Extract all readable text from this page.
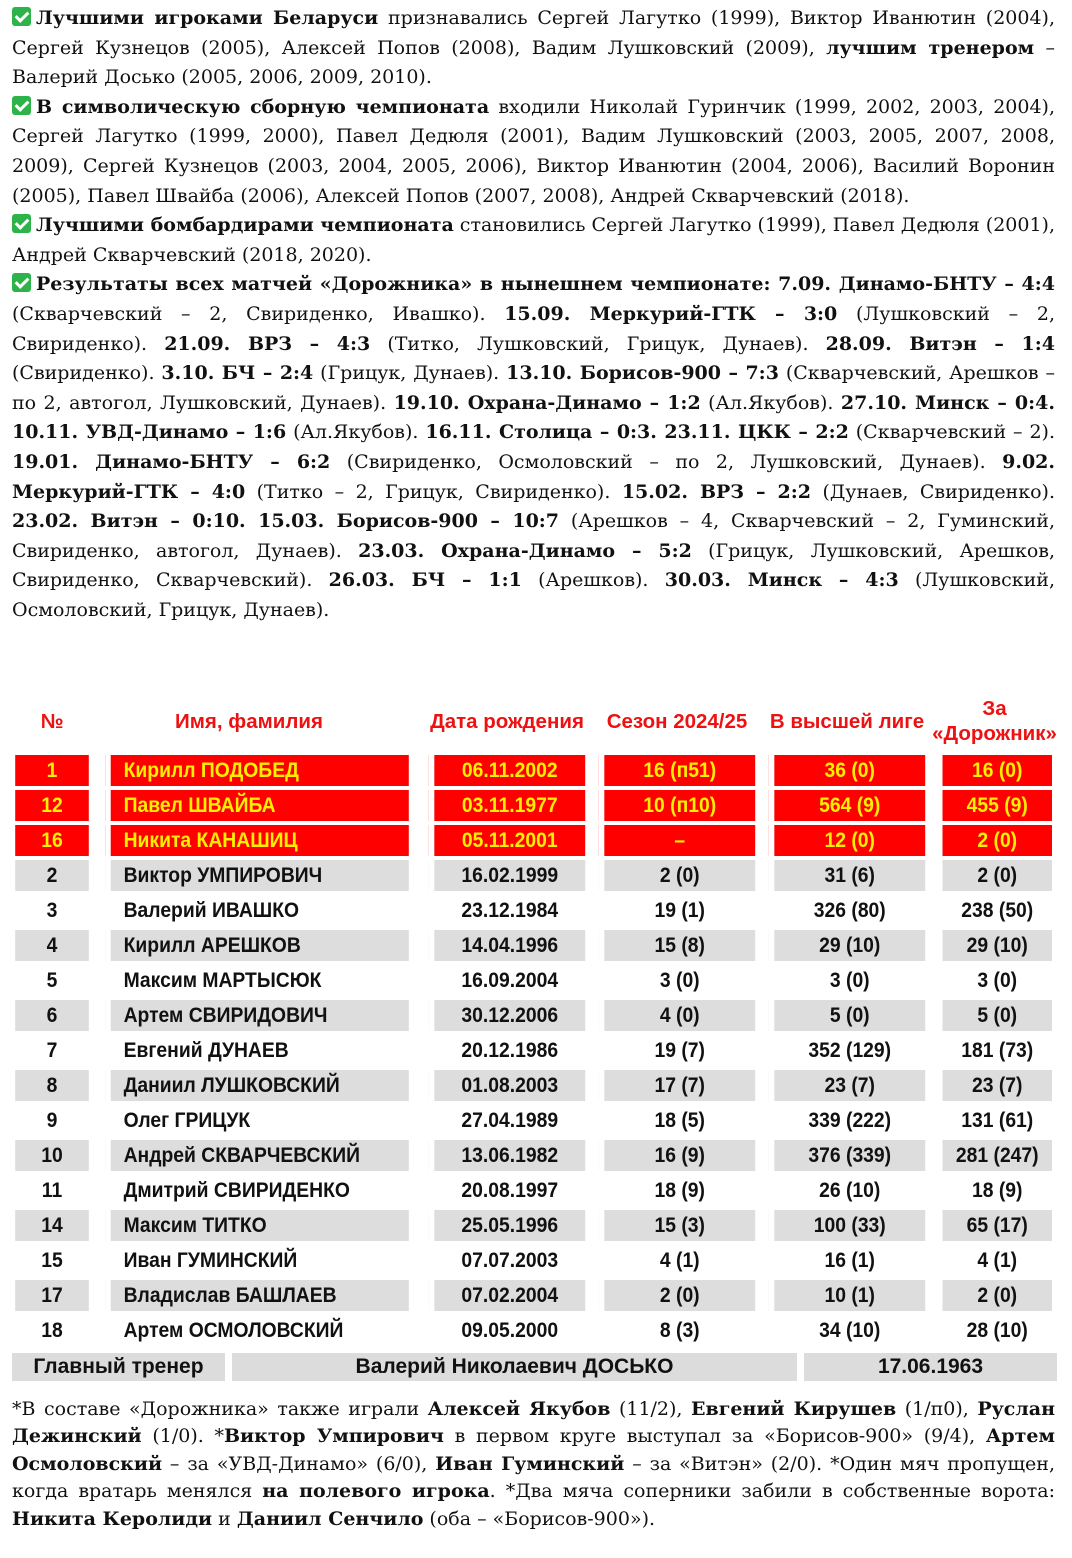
Лучшими игроками Беларуси признавались Сергей Лагутко (1999), Виктор Иванютин (2004), Сергей Кузнецов (2005), Алексей Попов (2008), Вадим Лушковский (2009), лучшим тренером – Валерий Досько (2005, 2006, 2009, 2010).

В символическую сборную чемпионата входили Николай Гуринчик (1999, 2002, 2003, 2004), Сергей Лагутко (1999, 2000), Павел Дедюля (2001), Вадим Лушковский (2003, 2005, 2007, 2008, 2009), Сергей Кузнецов (2003, 2004, 2005, 2006), Виктор Иванютин (2004, 2006), Василий Воронин (2005), Павел Швайба (2006), Алексей Попов (2007, 2008), Андрей Скварчевский (2018).

Лучшими бомбардирами чемпионата становились Сергей Лагутко (1999), Павел Дедюля (2001), Андрей Скварчевский (2018, 2020).

Результаты всех матчей «Дорожника» в нынешнем чемпионате: 7.09. Динамо-БНТУ – 4:4 (Скварчевский – 2, Свириденко, Ивашко). 15.09. Меркурий-ГТК – 3:0 (Лушковский – 2, Свириденко). 21.09. ВРЗ – 4:3 (Титко, Лушковский, Грицук, Дунаев). 28.09. Витэн – 1:4 (Свириденко). 3.10. БЧ – 2:4 (Грицук, Дунаев). 13.10. Борисов-900 – 7:3 (Скварчевский, Арешков – по 2, автогол, Лушковский, Дунаев). 19.10. Охрана-Динамо – 1:2 (Ал.Якубов). 27.10. Минск – 0:4. 10.11. УВД-Динамо – 1:6 (Ал.Якубов). 16.11. Столица – 0:3. 23.11. ЦКК – 2:2 (Скварчевский – 2). 19.01. Динамо-БНТУ – 6:2 (Свириденко, Осмоловский – по 2, Лушковский, Дунаев). 9.02. Меркурий-ГТК – 4:0 (Титко – 2, Грицук, Свириденко). 15.02. ВРЗ – 2:2 (Дунаев, Свириденко). 23.02. Витэн – 0:10. 15.03. Борисов-900 – 10:7 (Арешков – 4, Скварчевский – 2, Гуминский, Свириденко, автогол, Дунаев). 23.03. Охрана-Динамо – 5:2 (Грицук, Лушковский, Арешков, Свириденко, Скварчевский). 26.03. БЧ – 1:1 (Арешков). 30.03. Минск – 4:3 (Лушковский, Осмоловский, Грицук, Дунаев).

№	Имя, фамилия	Дата рождения	Сезон 2024/25	В высшей лиге	За «Дорожник»
1	Кирилл ПОДОБЕД	06.11.2002	16 (п51)	36 (0)	16 (0)
12	Павел ШВАЙБА	03.11.1977	10 (п10)	564 (9)	455 (9)
16	Никита КАНАШИЦ	05.11.2001	–	12 (0)	2 (0)
2	Виктор УМПИРОВИЧ	16.02.1999	2 (0)	31 (6)	2 (0)
3	Валерий ИВАШКО	23.12.1984	19 (1)	326 (80)	238 (50)
4	Кирилл АРЕШКОВ	14.04.1996	15 (8)	29 (10)	29 (10)
5	Максим МАРТЫСЮК	16.09.2004	3 (0)	3 (0)	3 (0)
6	Артем СВИРИДОВИЧ	30.12.2006	4 (0)	5 (0)	5 (0)
7	Евгений ДУНАЕВ	20.12.1986	19 (7)	352 (129)	181 (73)
8	Даниил ЛУШКОВСКИЙ	01.08.2003	17 (7)	23 (7)	23 (7)
9	Олег ГРИЦУК	27.04.1989	18 (5)	339 (222)	131 (61)
10	Андрей СКВАРЧЕВСКИЙ	13.06.1982	16 (9)	376 (339)	281 (247)
11	Дмитрий СВИРИДЕНКО	20.08.1997	18 (9)	26 (10)	18 (9)
14	Максим ТИТКО	25.05.1996	15 (3)	100 (33)	65 (17)
15	Иван ГУМИНСКИЙ	07.07.2003	4 (1)	16 (1)	4 (1)
17	Владислав БАШЛАЕВ	07.02.2004	2 (0)	10 (1)	2 (0)
18	Артем ОСМОЛОВСКИЙ	09.05.2000	8 (3)	34 (10)	28 (10)
Главный тренер	Валерий Николаевич ДОСЬКО	17.06.1963
*В составе «Дорожника» также играли Алексей Якубов (11/2), Евгений Кирушев (1/п0), Руслан Дежинский (1/0). *Виктор Умпирович в первом круге выступал за «Борисов-900» (9/4), Артем Осмоловский – за «УВД-Динамо» (6/0), Иван Гуминский – за «Витэн» (2/0). *Один мяч пропущен, когда вратарь менялся на полевого игрока. *Два мяча соперники забили в собственные ворота: Никита Керолиди и Даниил Сенчило (оба – «Борисов-900»).
